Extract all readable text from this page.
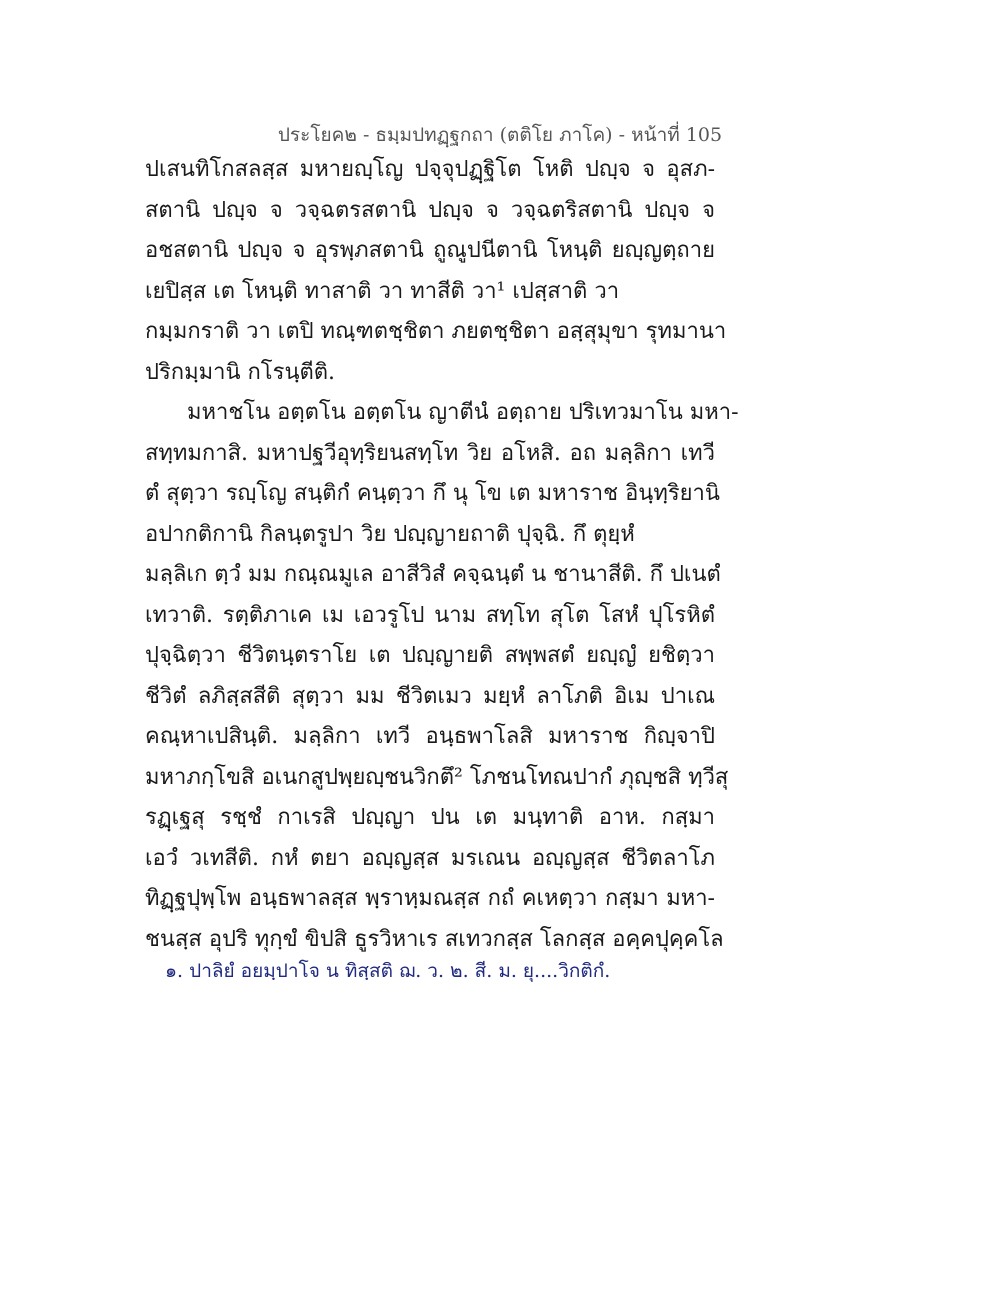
ประโยค๒ - ธมฺมปทฏฺฐกถา (ตติโย ภาโค) - หน้าที่ 105
ปเสนทิโกสลสฺส มหายญฺโญ ปจฺจุปฏฺฐิโต โหติ ปญฺจ จ อุสภ-
สตานิ ปญฺจ จ วจฺฉตรสตานิ ปญฺจ จ วจฺฉตริสตานิ ปญฺจ จ
อชสตานิ ปญฺจ จ อุรพฺภสตานิ ถูณูปนีตานิ โหนฺติ ยญฺญตฺถาย
เยปิสฺส เต โหนฺติ ทาสาติ วา ทาสีติ วา¹ เปสฺสาติ วา
กมฺมกราติ วา เตปิ ทณฺฑตชฺชิตา ภยตชฺชิตา อสฺสุมุขา รุทมานา
ปริกมฺมานิ กโรนฺตีติ.
มหาชโน อตฺตโน อตฺตโน ญาตีนํ อตฺถาย ปริเทวมาโน มหา-
สทฺทมกาสิ. มหาปฐวีอุทฺริยนสทฺโท วิย อโหสิ. อถ มลฺลิกา เทวี
ตํ สุตฺวา รญฺโญ สนฺติกํ คนฺตฺวา กึ นุ โข เต มหาราช อินฺทฺริยานิ
อปากติกานิ กิลนฺตรูปา วิย ปญฺญายถาติ ปุจฺฉิ. กึ ตุยฺหํ
มลฺลิเก ตฺวํ มม กณฺณมูเล อาสีวิสํ คจฺฉนฺตํ น ชานาสีติ. กึ ปเนตํ
เทวาติ. รตฺติภาเค เม เอวรูโป นาม สทฺโท สุโต โสหํ ปุโรหิตํ
ปุจฺฉิตฺวา ชีวิตนฺตราโย เต ปญฺญายติ สพฺพสตํ ยญฺญํ ยชิตฺวา
ชีวิตํ ลภิสฺสสีติ สุตฺวา มม ชีวิตเมว มยฺหํ ลาโภติ อิเม ปาเณ
คณฺหาเปสินฺติ. มลฺลิกา เทวี อนฺธพาโลสิ มหาราช กิญฺจาปิ
มหาภกฺโขสิ อเนกสูปพฺยญฺชนวิกตึ² โภชนโทณปากํ ภุญฺชสิ ทฺวีสุ
รฏฺเฐสุ รชฺชํ กาเรสิ ปญฺญา ปน เต มนฺทาติ อาห. กสฺมา
เอวํ วเทสีติ. กหํ ตยา อญฺญสฺส มรเณน อญฺญสฺส ชีวิตลาโภ
ทิฏฺฐปุพฺโพ อนฺธพาลสฺส พฺราหฺมณสฺส กถํ คเหตฺวา กสฺมา มหา-
ชนสฺส อุปริ ทุกฺขํ ขิปสิ ธูรวิหาเร สเทวกสฺส โลกสฺส อคฺคปุคฺคโล
๑. ปาลิยํ อยมฺปาโจ น ทิสฺสติ ฌ. ว. ๒. สี. ม. ยุ....วิกติกํ.
